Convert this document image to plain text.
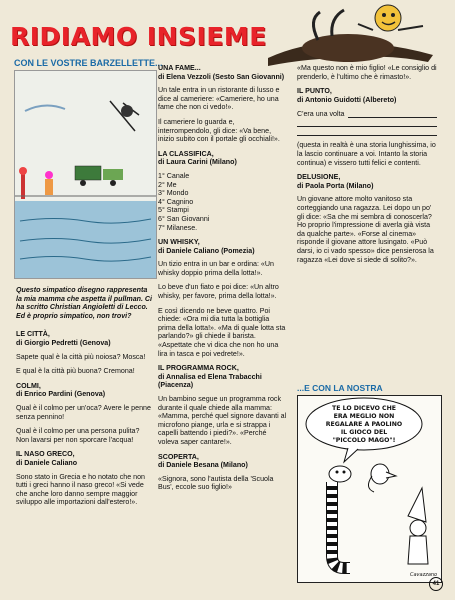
RIDIAMO INSIEME
CON LE VOSTRE BARZELLETTE...

Questo simpatico disegno rappresenta la mia mamma che aspetta il pullman. Ci ha scritto Christian Angioletti di Lecco. Ed è proprio simpatico, non trovi?

LE CITTÀ,

di Giorgio Pedretti (Genova)

Sapete qual è la città più noiosa? Mosca!

E qual è la città più buona? Cremona!

COLMI,

di Enrico Pardini (Genova)

Qual è il colmo per un'oca? Avere le penne senza pennino!

Qual è il colmo per una persona pulita? Non lavarsi per non sporcare l'acqua!

IL NASO GRECO,

di Daniele Caliano

Sono stato in Grecia e ho notato che non tutti i greci hanno il naso greco! «Si vede che anche loro danno sempre maggior sviluppo alle importazioni dall'estero!».

UNA FAME...

di Elena Vezzoli (Sesto San Giovanni)

Un tale entra in un ristorante di lusso e dice al cameriere: «Cameriere, ho una fame che non ci vedo!».

Il cameriere lo guarda e, interrompendolo, gli dice: «Va bene, inizio subito con il portale gli occhiali!».

LA CLASSIFICA,

di Laura Carini (Milano)

1° Canale
2° Me
3° Mondo
4° Cagnino
5° Stampi
6° San Giovanni
7° Milanese.

UN WHISKY,

di Daniele Caliano (Pomezia)

Un tizio entra in un bar e ordina: «Un whisky doppio prima della lotta!».

Lo beve d'un fiato e poi dice: «Un altro whisky, per favore, prima della lotta!».

E così dicendo ne beve quattro. Poi chiede: «Ora mi dia tutta la bottiglia prima della lotta!». «Ma di quale lotta sta parlando?» gli chiede il barista. «Aspettate che vi dica che non ho una lira in tasca e poi vedrete!».

IL PROGRAMMA ROCK,

di Annalisa ed Elena Trabacchi (Piacenza)

Un bambino segue un programma rock durante il quale chiede alla mamma: «Mamma, perché quel signore davanti al microfono piange, urla e si strappa i capelli battendo i piedi?». «Perché voleva saper cantare!».

SCOPERTA,

di Daniele Besana (Milano)

«Signora, sono l'autista della 'Scuola Bus', eccole suo figlio!»

«Ma questo non è mio figlio! «Le consiglio di prenderlo, è l'ultimo che è rimasto!».

IL PUNTO,

di Antonio Guidotti (Albereto)

C'era una volta

(questa in realtà è una storia lunghissima, io la lascio continuare a voi. Intanto la storia continua) e vissero tutti felici e contenti.

DELUSIONE,

di Paola Porta (Milano)

Un giovane attore molto vanitoso sta corteggiando una ragazza. Lei dopo un po' gli dice: «Sa che mi sembra di conoscerla? Ho proprio l'impressione di averla già vista da qualche parte». «Forse al cinema» risponde il giovane attore lusingato. «Può darsi, io ci vado spesso» dice pensierosa la ragazza «Lei dove si siede di solito?».

...E CON LA NOSTRA
TE LO DICEVO CHE
ERA MEGLIO NON
REGALARE A PAOLINO
IL GIOCO DEL
"PICCOLO MAGO"!
Cavazzano
41
